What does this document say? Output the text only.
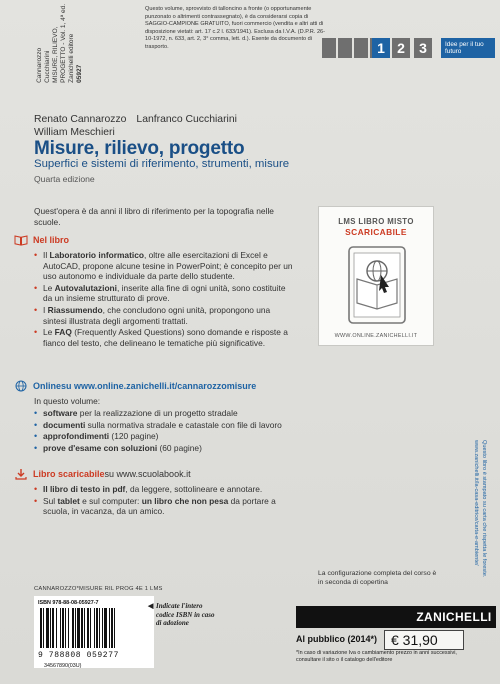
Cannarozzo Cucchiarini MISURE, RILIEVO, PROGETTO - Vol. 1, 4ª ed. Zanichelli editore 05927
Questo volume, sprovvisto di talloncino a fronte (o opportunamente punzonato o altrimenti contrassegnato), è da considerarsi copia di SAGGIO-CAMPIONE GRATUITO, fuori commercio (vendita e altri atti di disposizione vietati: art. 17 c.2 l. 633/1941). Esclusa da I.V.A. (D.P.R. 26-10-1972, n. 633, art. 2, 3° comma, lett. d.). Esente da documento di trasporto.	1 2	3	Idee per il tuo futuro
Renato Cannarozzo Lanfranco Cucchiarini
William Meschieri
Misure, rilievo, progetto
Superfici e sistemi di riferimento, strumenti, misure
Quarta edizione
Quest'opera è da anni il libro di riferimento per la topografia nelle scuole.
Nel libro
• Il Laboratorio informatico, oltre alle esercitazioni di Excel e AutoCAD, propone alcune tesine in PowerPoint; è concepito per un uso autonomo e individuale da parte dello studente.
• Le Autovalutazioni, inserite alla fine di ogni unità, sono costituite da un insieme strutturato di prove.
• I Riassumendo, che concludono ogni unità, propongono una sintesi illustrata degli argomenti trattati.
• Le FAQ (Frequently Asked Questions) sono domande e risposte a fianco del testo, che delineano le tematiche più significative.
Online su www.online.zanichelli.it/cannarozzomisure
In questo volume:
• software per la realizzazione di un progetto stradale
• documenti sulla normativa stradale e catastale con file di lavoro
• approfondimenti (120 pagine)
• prove d'esame con soluzioni (60 pagine)
Libro scaricabile su www.scuolabook.it
• Il libro di testo in pdf, da leggere, sottolineare e annotare.
• Sul tablet e sul computer: un libro che non pesa da portare a scuola, in vacanza, da un amico.
LMS LIBRO MISTO
SCARICABILE
WWW.ONLINE.ZANICHELLI.IT
Questo libro è stampato su carta che rispetta le foreste.
www.zanichelli.it/la-casa-editrice/carta-e-ambiente/
La configurazione completa del corso è in seconda di copertina
CANNAROZZO*MISURE RIL PROG 4E 1 LMS
ISBN 978-88-08-05927-7
9 788808 059277
34567890(03U)
◀ Indicate l'intero codice ISBN in caso di adozione	ZANICHELLI
Al pubblico (2014*) € 31,90
*In caso di variazione Iva o cambiamento prezzo in anni successivi, consultare il sito o il catalogo dell'editore
